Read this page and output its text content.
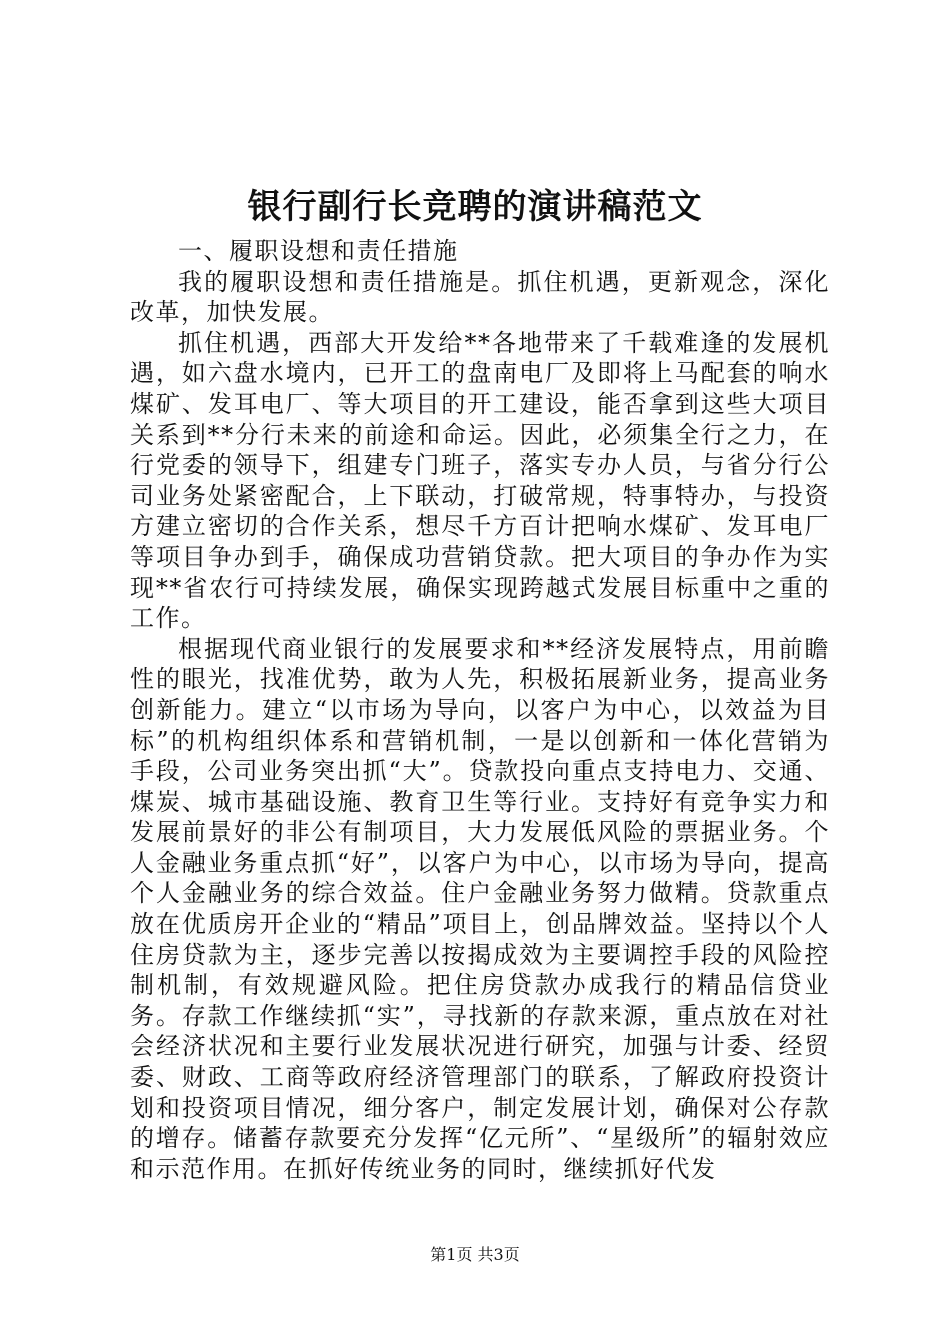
银行副行长竞聘的演讲稿范文

一、履职设想和责任措施

我的履职设想和责任措施是。抓住机遇，更新观念，深化改革，加快发展。

抓住机遇，西部大开发给**各地带来了千载难逢的发展机遇，如六盘水境内，已开工的盘南电厂及即将上马配套的响水煤矿、发耳电厂、等大项目的开工建设，能否拿到这些大项目关系到**分行未来的前途和命运。因此，必须集全行之力，在行党委的领导下，组建专门班子，落实专办人员，与省分行公司业务处紧密配合，上下联动，打破常规，特事特办，与投资方建立密切的合作关系，想尽千方百计把响水煤矿、发耳电厂等项目争办到手，确保成功营销贷款。把大项目的争办作为实现**省农行可持续发展，确保实现跨越式发展目标重中之重的工作。

根据现代商业银行的发展要求和**经济发展特点，用前瞻性的眼光，找准优势，敢为人先，积极拓展新业务，提高业务创新能力。建立“以市场为导向，以客户为中心，以效益为目标”的机构组织体系和营销机制，一是以创新和一体化营销为手段，公司业务突出抓“大”。贷款投向重点支持电力、交通、煤炭、城市基础设施、教育卫生等行业。支持好有竞争实力和发展前景好的非公有制项目，大力发展低风险的票据业务。个人金融业务重点抓“好”，以客户为中心，以市场为导向，提高个人金融业务的综合效益。住户金融业务努力做精。贷款重点放在优质房开企业的“精品”项目上，创品牌效益。坚持以个人住房贷款为主，逐步完善以按揭成效为主要调控手段的风险控制机制，有效规避风险。把住房贷款办成我行的精品信贷业务。存款工作继续抓“实”，寻找新的存款来源，重点放在对社会经济状况和主要行业发展状况进行研究，加强与计委、经贸委、财政、工商等政府经济管理部门的联系，了解政府投资计划和投资项目情况，细分客户，制定发展计划，确保对公存款的增存。储蓄存款要充分发挥“亿元所”、“星级所”的辐射效应和示范作用。在抓好传统业务的同时，继续抓好代发

第1页 共3页
